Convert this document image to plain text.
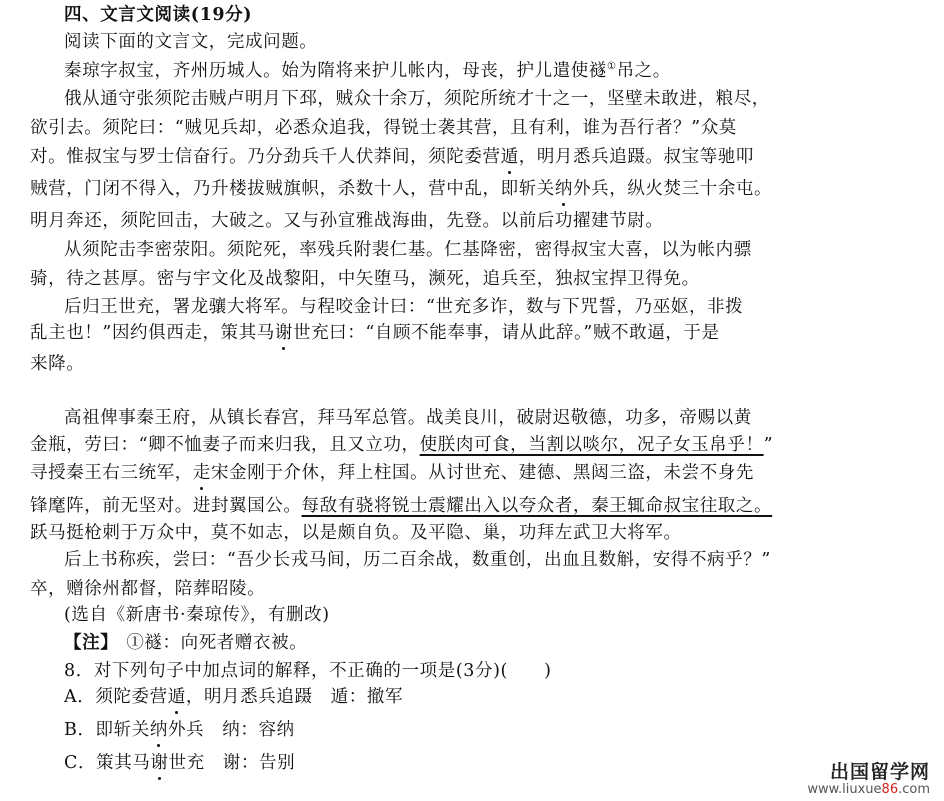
四、文言文阅读(19分)
阅读下面的文言文，完成问题。
秦琼字叔宝，齐州历城人。始为隋将来护儿帐内，母丧，护儿遣使襚①吊之。
俄从通守张须陀击贼卢明月下邳，贼众十余万，须陀所统才十之一，坚壁未敢进，粮尽，
欲引去。须陀曰：“贼见兵却，必悉众追我，得锐士袭其营，且有利，谁为吾行者？”众莫
对。惟叔宝与罗士信奋行。乃分劲兵千人伏莽间，须陀委营遁，明月悉兵追蹑。叔宝等驰叩
贼营，门闭不得入，乃升楼拔贼旗帜，杀数十人，营中乱，即斩关纳外兵，纵火焚三十余屯。
明月奔还，须陀回击，大破之。又与孙宣雅战海曲，先登。以前后功擢建节尉。
从须陀击李密荥阳。须陀死，率残兵附裴仁基。仁基降密，密得叔宝大喜，以为帐内骠
骑，待之甚厚。密与宇文化及战黎阳，中矢堕马，濒死，追兵至，独叔宝捍卫得免。
后归王世充，署龙骧大将军。与程咬金计曰：“世充多诈，数与下咒誓，乃巫妪，非拨
乱主也！”因约俱西走，策其马谢世充曰：“自顾不能奉事，请从此辞。”贼不敢逼，于是
来降。
高祖俾事秦王府，从镇长春宫，拜马军总管。战美良川，破尉迟敬德，功多，帝赐以黄
金瓶，劳曰：“卿不恤妻子而来归我，且又立功，使朕肉可食，当割以啖尔，况子女玉帛乎！”
寻授秦王右三统军，走宋金刚于介休，拜上柱国。从讨世充、建德、黑闼三盗，未尝不身先
锋麾阵，前无坚对。进封翼国公。每敌有骁将锐士震耀出入以夸众者，秦王辄命叔宝往取之。
跃马挺枪刺于万众中，莫不如志，以是颇自负。及平隐、巢，功拜左武卫大将军。
后上书称疾，尝曰：“吾少长戎马间，历二百余战，数重创，出血且数斛，安得不病乎？”
卒，赠徐州都督，陪葬昭陵。
(选自《新唐书·秦琼传》，有删改)
【注】 ①襚：向死者赠衣被。
8．对下列句子中加点词的解释，不正确的一项是(3分)(　　)
A．须陀委营遁，明月悉兵追蹑　遁：撤军
B．即斩关纳外兵　纳：容纳
C．策其马谢世充　谢：告别	出国留学网
www.liuxue86.com
